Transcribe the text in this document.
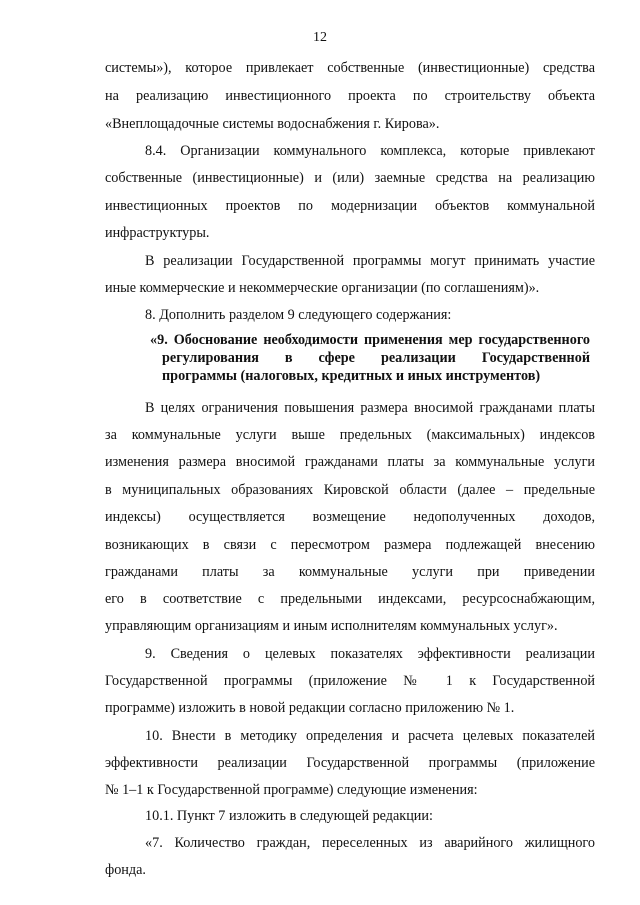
12
системы»), которое привлекает собственные (инвестиционные) средства
на реализацию инвестиционного проекта по строительству объекта
«Внеплощадочные системы водоснабжения г. Кирова».
8.4. Организации коммунального комплекса, которые привлекают
собственные (инвестиционные) и (или) заемные средства на реализацию
инвестиционных проектов по модернизации объектов коммунальной
инфраструктуры.
В реализации Государственной программы могут принимать участие
иные коммерческие и некоммерческие организации (по соглашениям)».
8. Дополнить разделом 9 следующего содержания:
«9. Обоснование необходимости применения мер государственного
регулирования в сфере реализации Государственной
программы (налоговых, кредитных и иных инструментов)
В целях ограничения повышения размера вносимой гражданами платы
за коммунальные услуги выше предельных (максимальных) индексов
изменения размера вносимой гражданами платы за коммунальные услуги
в муниципальных образованиях Кировской области (далее – предельные
индексы) осуществляется возмещение недополученных доходов,
возникающих в связи с пересмотром размера подлежащей внесению
гражданами платы за коммунальные услуги при приведении
его в соответствие с предельными индексами, ресурсоснабжающим,
управляющим организациям и иным исполнителям коммунальных услуг».
9. Сведения о целевых показателях эффективности реализации
Государственной программы (приложение № 1 к Государственной
программе) изложить в новой редакции согласно приложению № 1.
10. Внести в методику определения и расчета целевых показателей
эффективности реализации Государственной программы (приложение
№ 1–1 к Государственной программе) следующие изменения:
10.1. Пункт 7 изложить в следующей редакции:
«7. Количество граждан, переселенных из аварийного жилищного
фонда.
